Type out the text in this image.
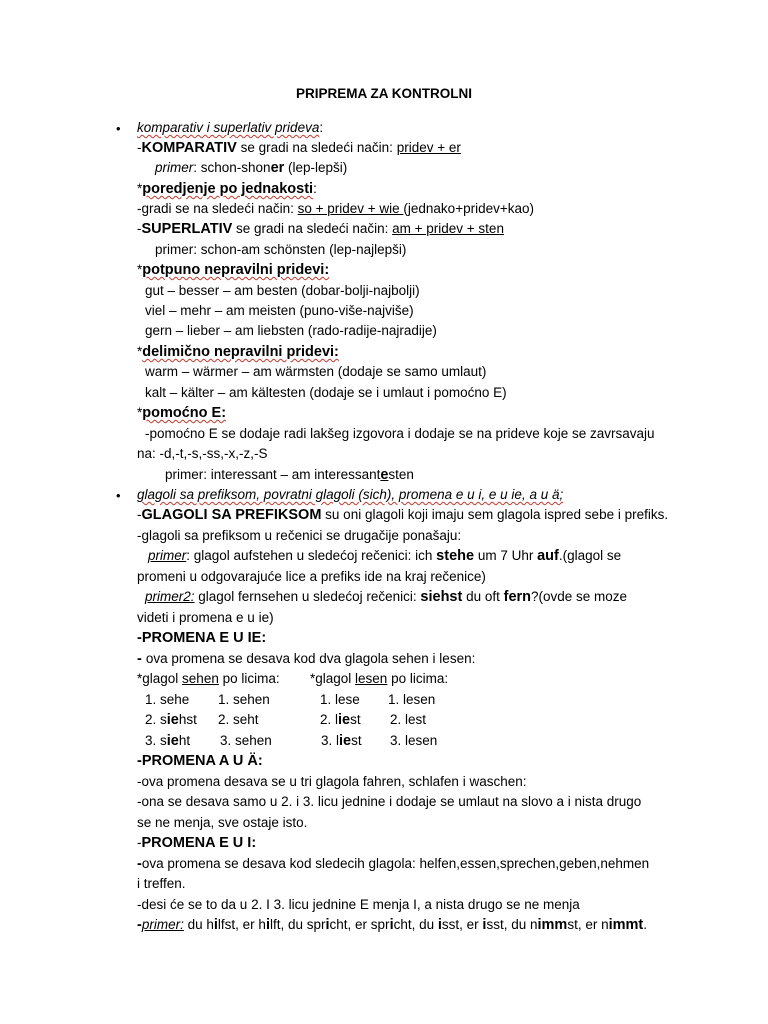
PRIPREMA ZA KONTROLNI
• komparativ i superlativ prideva:
-KOMPARATIV se gradi na sledeći način: pridev + er
primer: schon-shoner (lep-lepši)
*poredjenje po jednakosti:
-gradi se na sledeći način: so + pridev + wie (jednako+pridev+kao)
-SUPERLATIV se gradi na sledeći način: am + pridev + sten
primer: schon-am schönsten (lep-najlepši)
*potpuno nepravilni pridevi:
gut – besser – am besten (dobar-bolji-najbolji)
viel – mehr – am meisten (puno-više-najviše)
gern – lieber – am liebsten (rado-radije-najradije)
*delimično nepravilni pridevi:
warm – wärmer – am wärmsten (dodaje se samo umlaut)
kalt – kälter – am kältesten (dodaje se i umlaut i pomoćno E)
*pomoćno E:
-pomoćno E se dodaje radi lakšeg izgovora i dodaje se na prideve koje se zavrsavaju
na: -d,-t,-s,-ss,-x,-z,-S
primer: interessant – am interessantesten
• glagoli sa prefiksom, povratni glagoli (sich), promena e u i, e u ie, a u ä;
-GLAGOLI SA PREFIKSOM su oni glagoli koji imaju sem glagola ispred sebe i prefiks.
-glagoli sa prefiksom u rečenici se drugačije ponašaju:
primer: glagol aufstehen u sledećoj rečenici: ich stehe um 7 Uhr auf.(glagol se
promeni u odgovarajuće lice a prefiks ide na kraj rečenice)
primer2: glagol fernsehen u sledećoj rečenici: siehst du oft fern?(ovde se moze
videti i promena e u ie)
-PROMENA E U IE:
- ova promena se desava kod dva glagola sehen i lesen:
*glagol sehen po licima: *glagol lesen po licima:
1. sehe
2. siehst
3. sieht
1. sehen
2. seht
3. sehen
1. lese
2. liest
3. liest
1. lesen
2. lest
3. lesen
-PROMENA A U Ä:
-ova promena desava se u tri glagola fahren, schlafen i waschen:
-ona se desava samo u 2. i 3. licu jednine i dodaje se umlaut na slovo a i nista drugo
se ne menja, sve ostaje isto.
-PROMENA E U I:
-ova promena se desava kod sledecih glagola: helfen,essen,sprechen,geben,nehmen
i treffen.
-desi će se to da u 2. I 3. licu jednine E menja I, a nista drugo se ne menja
-primer: du hilfst, er hilft, du spricht, er spricht, du isst, er isst, du nimmst, er nimmt.
